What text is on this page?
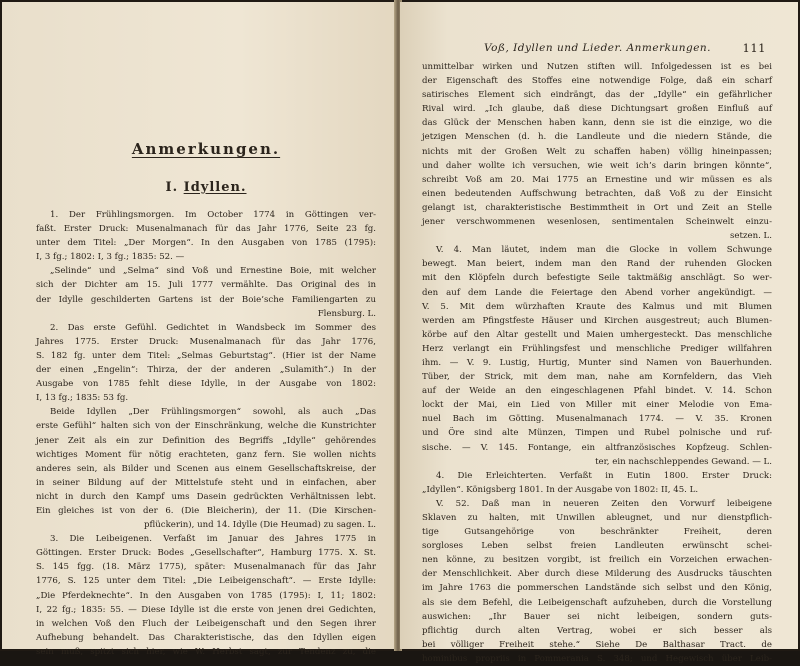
Anmerkungen.
I. Idyllen.
1. Der Frühlingsmorgen. Im October 1774 in Göttingen ver-
faßt. Erster Druck: Musenalmanach für das Jahr 1776, Seite 23 fg.
unter dem Titel: „Der Morgen“. In den Ausgaben von 1785 (1795):
I, 3 fg.; 1802: I, 3 fg.; 1835: 52. —
„Selinde“ und „Selma“ sind Voß und Ernestine Boie, mit welcher
sich der Dichter am 15. Juli 1777 vermählte. Das Original des in
der Idylle geschilderten Gartens ist der Boie’sche Familiengarten zu
Flensburg. L.
2. Das erste Gefühl. Gedichtet in Wandsbeck im Sommer des
Jahres 1775. Erster Druck: Musenalmanach für das Jahr 1776,
S. 182 fg. unter dem Titel: „Selmas Geburtstag“. (Hier ist der Name
der einen „Engelin“: Thirza, der der anderen „Sulamith“.) In der
Ausgabe von 1785 fehlt diese Idylle, in der Ausgabe von 1802:
I, 13 fg.; 1835: 53 fg.
Beide Idyllen „Der Frühlingsmorgen“ sowohl, als auch „Das
erste Gefühl“ halten sich von der Einschränkung, welche die Kunstrichter
jener Zeit als ein zur Definition des Begriffs „Idylle“ gehörendes
wichtiges Moment für nötig erachteten, ganz fern. Sie wollen nichts
anderes sein, als Bilder und Scenen aus einem Gesellschaftskreise, der
in seiner Bildung auf der Mittelstufe steht und in einfachen, aber
nicht in durch den Kampf ums Dasein gedrückten Verhältnissen lebt.
Ein gleiches ist von der 6. (Die Bleicherin), der 11. (Die Kirschen-
pflückerin), und 14. Idylle (Die Heumad) zu sagen. L.
3. Die Leibeigenen. Verfaßt im Januar des Jahres 1775 in
Göttingen. Erster Druck: Bodes „Gesellschafter“, Hamburg 1775. X. St.
S. 145 fgg. (18. März 1775), später: Musenalmanach für das Jahr
1776, S. 125 unter dem Titel: „Die Leibeigenschaft“. — Erste Idylle:
„Die Pferdeknechte“. In den Ausgaben von 1785 (1795): I, 11; 1802:
I, 22 fg.; 1835: 55. — Diese Idylle ist die erste von jenen drei Gedichten,
in welchen Voß den Fluch der Leibeigenschaft und den Segen ihrer
Aufhebung behandelt. Das Charakteristische, das den Idyllen eigen
sein muß, spitzt sich hier, wie W. Herbst sagt, zur Tendenz zu, die
Voß, Idyllen und Lieder. Anmerkungen.	111
unmittelbar wirken und Nutzen stiften will. Infolgedessen ist es bei
der Eigenschaft des Stoffes eine notwendige Folge, daß ein scharf
satirisches Element sich eindrängt, das der „Idylle“ ein gefährlicher
Rival wird. „Ich glaube, daß diese Dichtungsart großen Einfluß auf
das Glück der Menschen haben kann, denn sie ist die einzige, wo die
jetzigen Menschen (d. h. die Landleute und die niedern Stände, die
nichts mit der Großen Welt zu schaffen haben) völlig hineinpassen;
und daher wollte ich versuchen, wie weit ich’s darin bringen könnte“,
schreibt Voß am 20. Mai 1775 an Ernestine und wir müssen es als
einen bedeutenden Auffschwung betrachten, daß Voß zu der Einsicht
gelangt ist, charakteristische Bestimmtheit in Ort und Zeit an Stelle
jener verschwommenen wesenlosen, sentimentalen Scheinwelt einzu-
setzen. L.
V. 4. Man läutet, indem man die Glocke in vollem Schwunge
bewegt. Man beiert, indem man den Rand der ruhenden Glocken
mit den Klöpfeln durch befestigte Seile taktmäßig anschlägt. So wer-
den auf dem Lande die Feiertage den Abend vorher angekündigt. —
V. 5. Mit dem würzhaften Kraute des Kalmus und mit Blumen
werden am Pfingstfeste Häuser und Kirchen ausgestreut; auch Blumen-
körbe auf den Altar gestellt und Maien umhergesteckt. Das menschliche
Herz verlangt ein Frühlingsfest und menschliche Prediger willfahren
ihm. — V. 9. Lustig, Hurtig, Munter sind Namen von Bauerhunden.
Tüber, der Strick, mit dem man, nahe am Kornfeldern, das Vieh
auf der Weide an den eingeschlagenen Pfahl bindet. V. 14. Schon
lockt der Mai, ein Lied von Miller mit einer Melodie von Ema-
nuel Bach im Götting. Musenalmanach 1774. — V. 35. Kronen
und Öre sind alte Münzen, Timpen und Rubel polnische und ruf-
sische. — V. 145. Fontange, ein altfranzösisches Kopfzeug. Schlen-
ter, ein nachschleppendes Gewand. — L.
4. Die Erleichterten. Verfaßt in Eutin 1800. Erster Druck:
„Idyllen“. Königsberg 1801. In der Ausgabe von 1802: II, 45. L.
V. 52. Daß man in neueren Zeiten den Vorwurf leibeigene
Sklaven zu halten, mit Unwillen ableugnet, und nur dienstpflich-
tige Gutsangehörige von beschränkter Freiheit, deren
sorgloses Leben selbst freien Landleuten erwünscht schei-
nen könne, zu besitzen vorgibt, ist freilich ein Vorzeichen erwachen-
der Menschlichkeit. Aber durch diese Milderung des Ausdrucks täuschten
im Jahre 1763 die pommerschen Landstände sich selbst und den König,
als sie dem Befehl, die Leibeigenschaft aufzuheben, durch die Vorstellung
auswichen: „Ihr Bauer sei nicht leibeigen, sondern guts-
pflichtig durch alten Vertrag, wobei er sich besser als
bei völliger Freiheit stehe.“ Siehe De Balthasar Tract. de
hominibus propriis in Pommerania S. 348; und Hegewisch über Leib-
